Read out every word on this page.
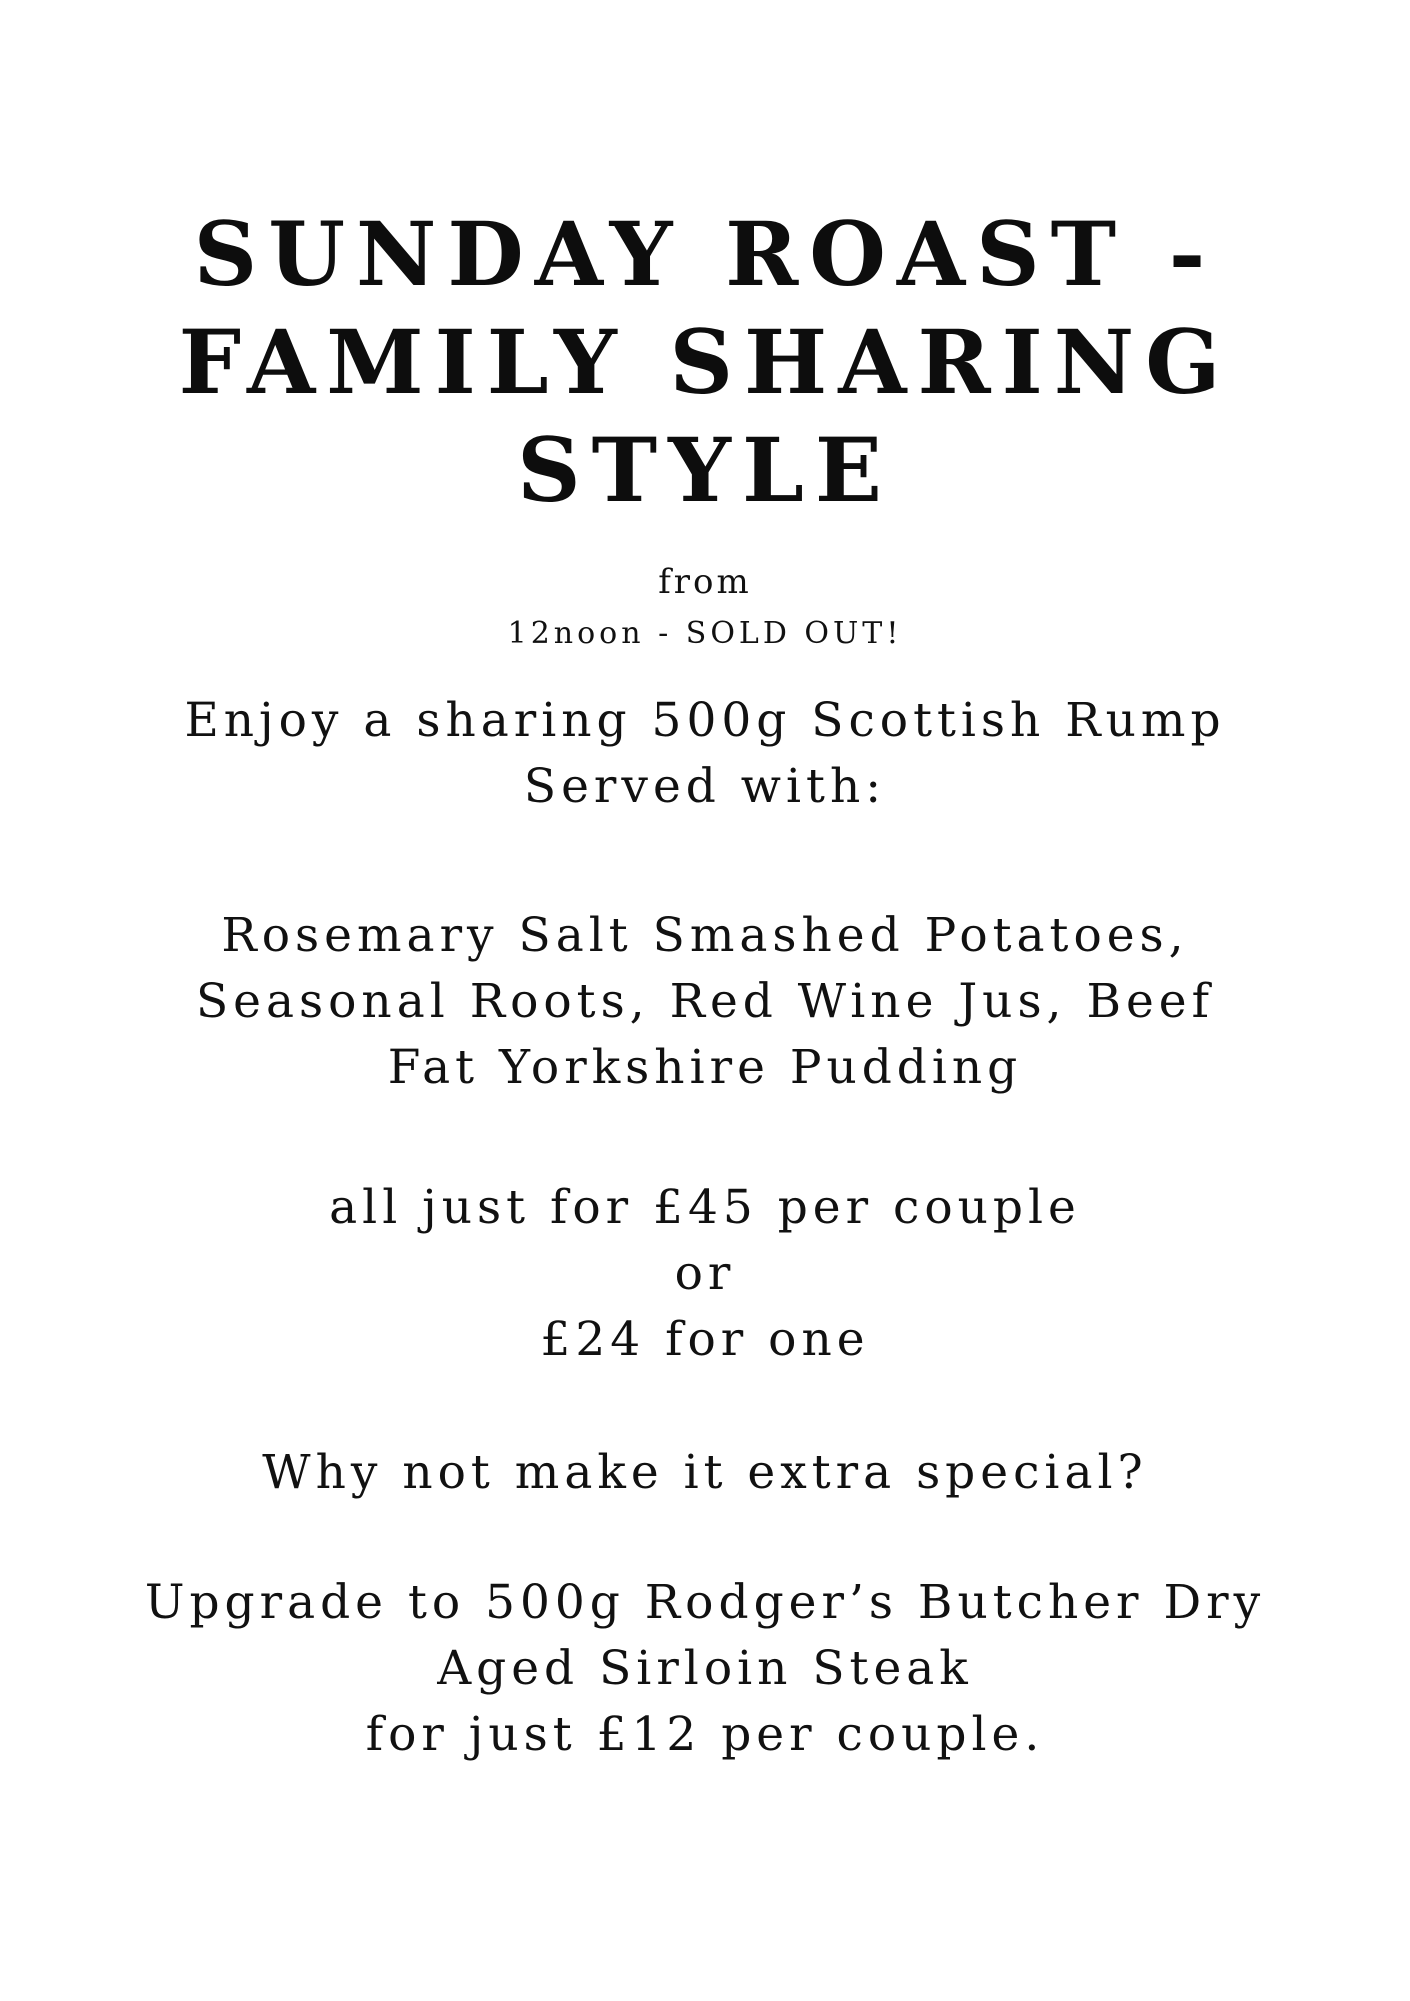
SUNDAY ROAST -
FAMILY SHARING
STYLE
from
12noon - SOLD OUT!
Enjoy a sharing 500g Scottish Rump
Served with:
Rosemary Salt Smashed Potatoes,
Seasonal Roots, Red Wine Jus, Beef
Fat Yorkshire Pudding
all just for £45 per couple
or
£24 for one
Why not make it extra special?
Upgrade to 500g Rodger’s Butcher Dry
Aged Sirloin Steak
for just £12 per couple.
